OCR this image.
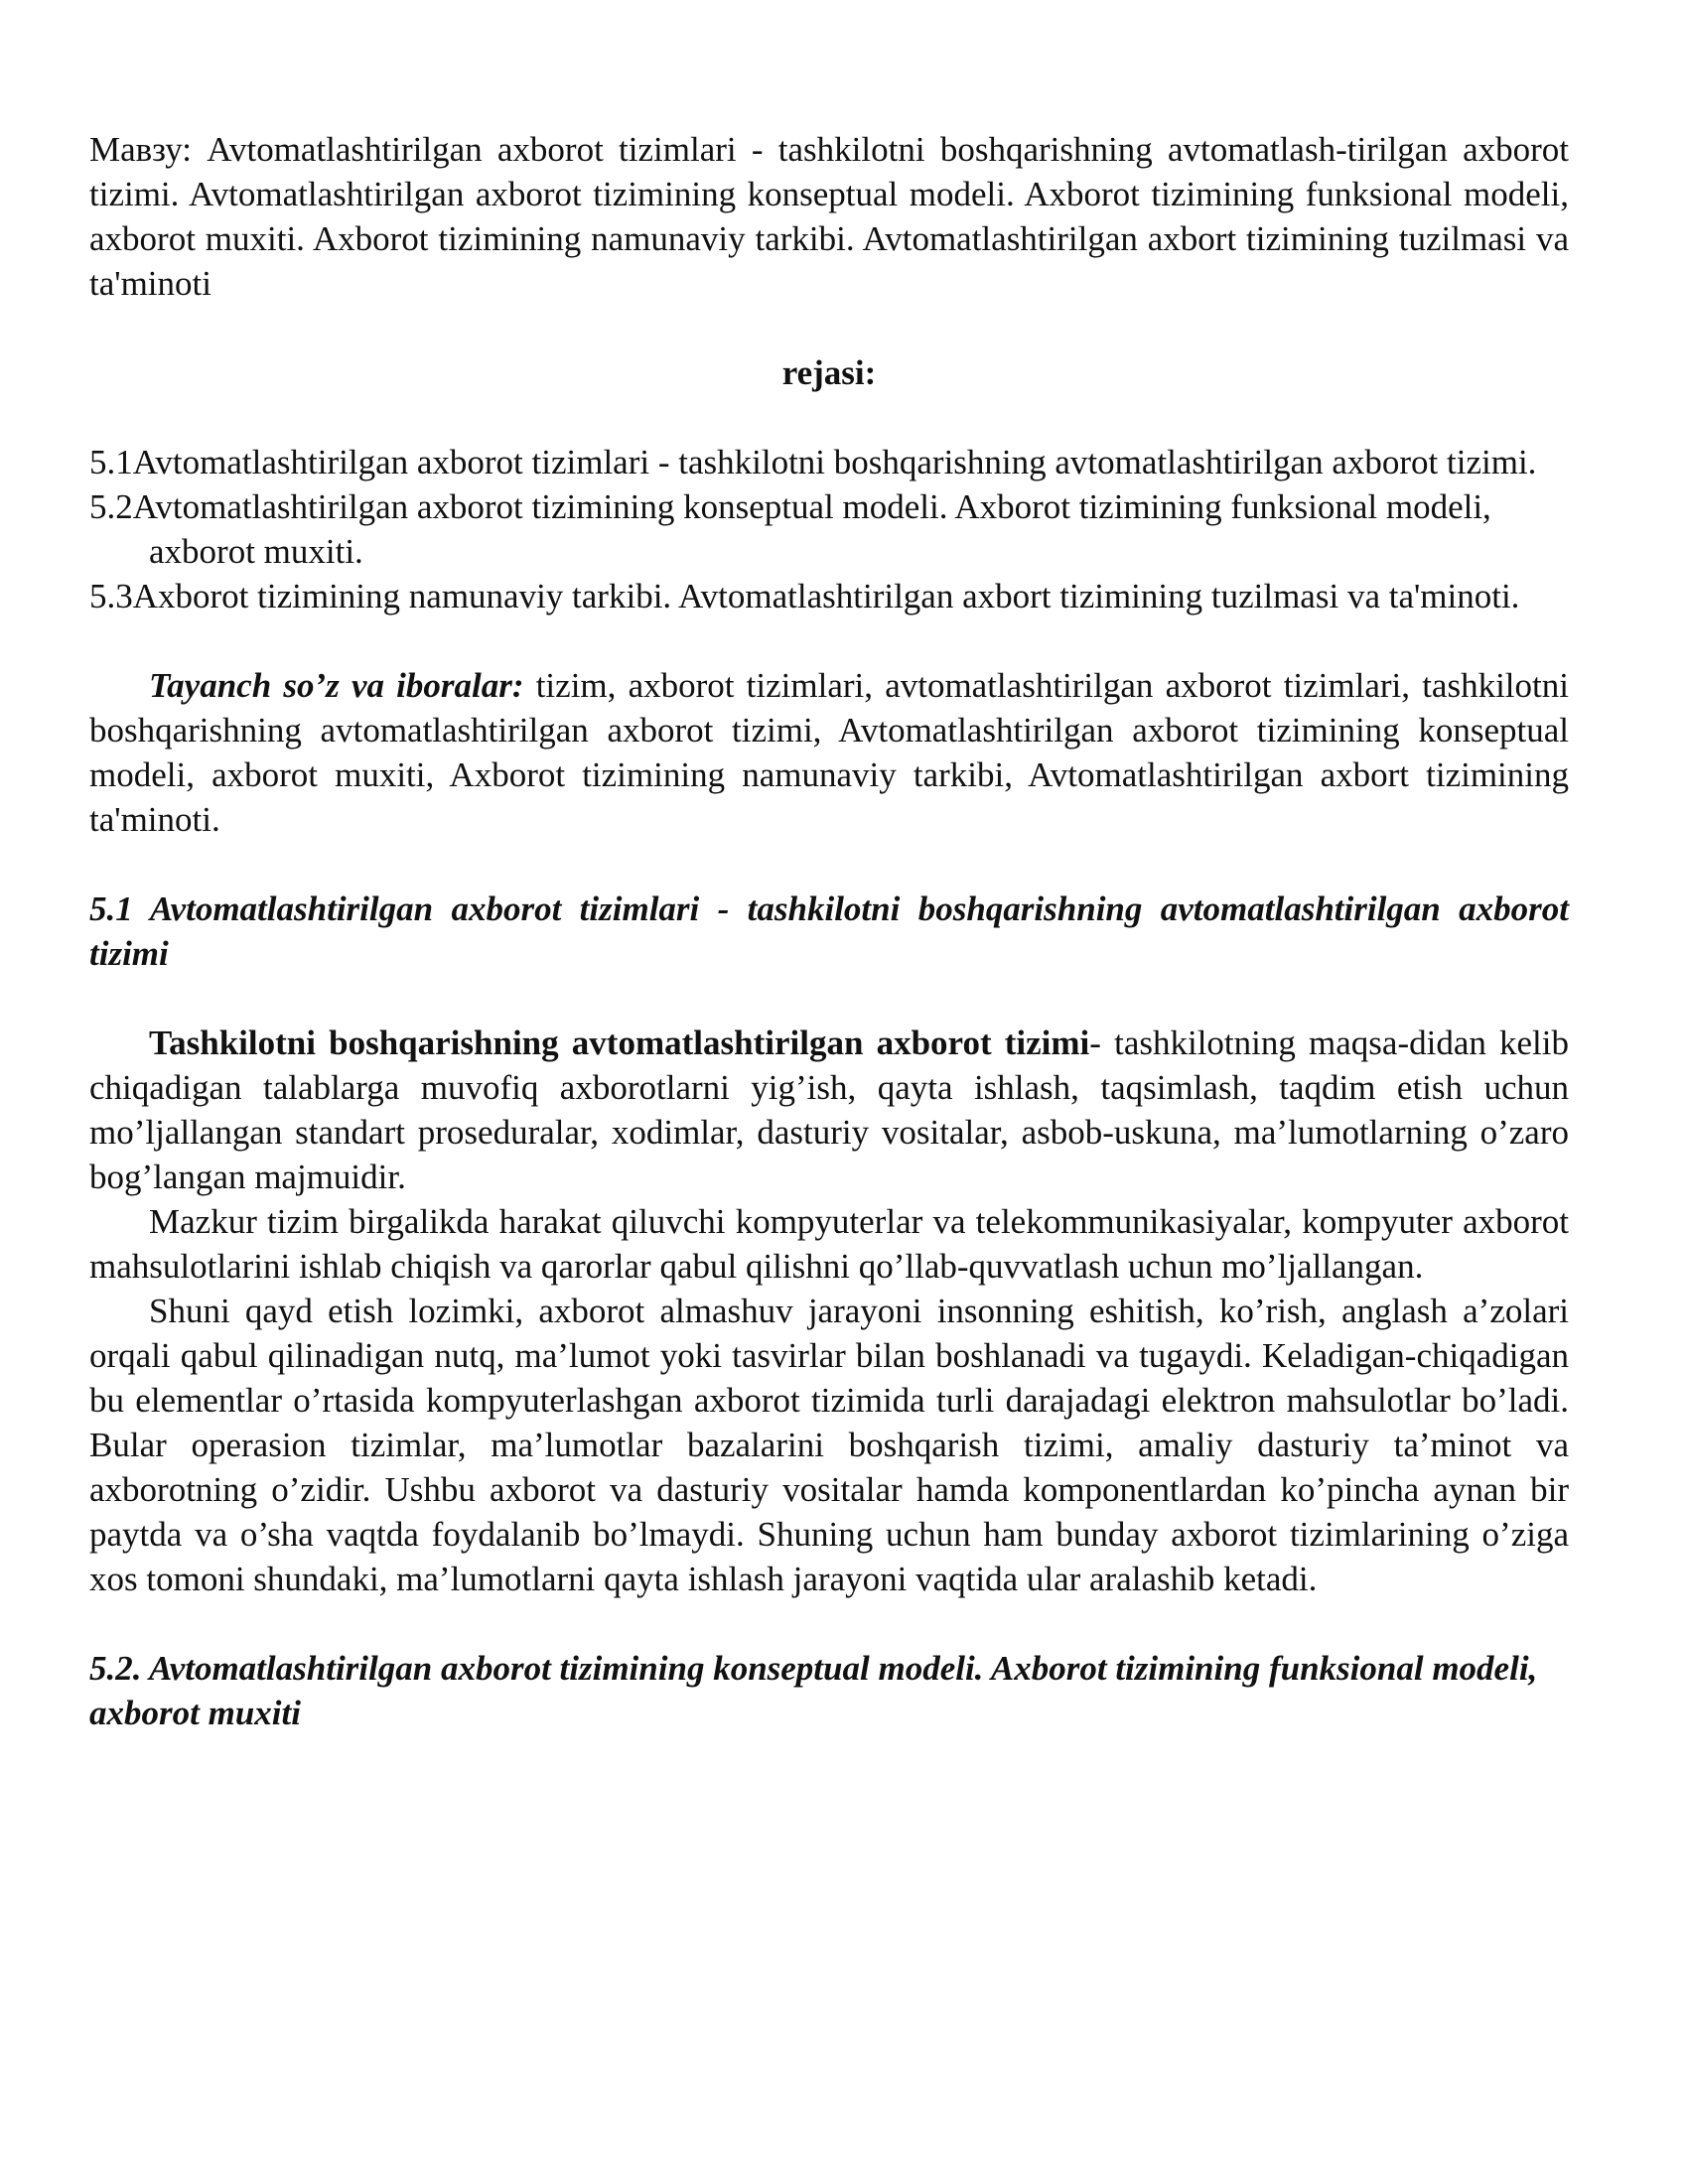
Мавзу: Avtomatlashtirilgan axborot tizimlari - tashkilotni boshqarishning avtomatlash-tirilgan axborot tizimi. Avtomatlashtirilgan axborot tizimining konseptual modeli. Axborot tizimining funksional modeli, axborot muxiti. Axborot tizimining namunaviy tarkibi. Avtomatlashtirilgan axbort tizimining tuzilmasi va ta'minoti

rejasi:

5.1Avtomatlashtirilgan axborot tizimlari - tashkilotni boshqarishning avtomatlashtirilgan axborot tizimi.

5.2Avtomatlashtirilgan axborot tizimining konseptual modeli. Axborot tizimining funksional modeli, axborot muxiti.

5.3Axborot tizimining namunaviy tarkibi. Avtomatlashtirilgan axbort tizimining tuzilmasi va ta'minoti.

Tayanch so’z va iboralar: tizim, axborot tizimlari, avtomatlashtirilgan axborot tizimlari, tashkilotni boshqarishning avtomatlashtirilgan axborot tizimi, Avtomatlashtirilgan axborot tizimining konseptual modeli, axborot muxiti, Axborot tizimining namunaviy tarkibi, Avtomatlashtirilgan axbort tizimining ta'minoti.

5.1 Avtomatlashtirilgan axborot tizimlari - tashkilotni boshqarishning avtomatlashtirilgan axborot tizimi

Tashkilotni boshqarishning avtomatlashtirilgan axborot tizimi- tashkilotning maqsa-didan kelib chiqadigan talablarga muvofiq axborotlarni yig’ish, qayta ishlash, taqsimlash, taqdim etish uchun mo’ljallangan standart proseduralar, xodimlar, dasturiy vositalar, asbob-uskuna, ma’lumotlarning o’zaro bog’langan majmuidir.

Mazkur tizim birgalikda harakat qiluvchi kompyuterlar va telekommunikasiyalar, kompyuter axborot mahsulotlarini ishlab chiqish va qarorlar qabul qilishni qo’llab-quvvatlash uchun mo’ljallangan.

Shuni qayd etish lozimki, axborot almashuv jarayoni insonning eshitish, ko’rish, anglash a’zolari orqali qabul qilinadigan nutq, ma’lumot yoki tasvirlar bilan boshlanadi va tugaydi. Keladigan-chiqadigan bu elementlar o’rtasida kompyuterlashgan axborot tizimida turli darajadagi elektron mahsulotlar bo’ladi. Bular operasion tizimlar, ma’lumotlar bazalarini boshqarish tizimi, amaliy dasturiy ta’minot va axborotning o’zidir. Ushbu axborot va dasturiy vositalar hamda komponentlardan ko’pincha aynan bir paytda va o’sha vaqtda foydalanib bo’lmaydi. Shuning uchun ham bunday axborot tizimlarining o’ziga xos tomoni shundaki, ma’lumotlarni qayta ishlash jarayoni vaqtida ular aralashib ketadi.

5.2. Avtomatlashtirilgan axborot tizimining konseptual modeli. Axborot tizimining funksional modeli, axborot muxiti
